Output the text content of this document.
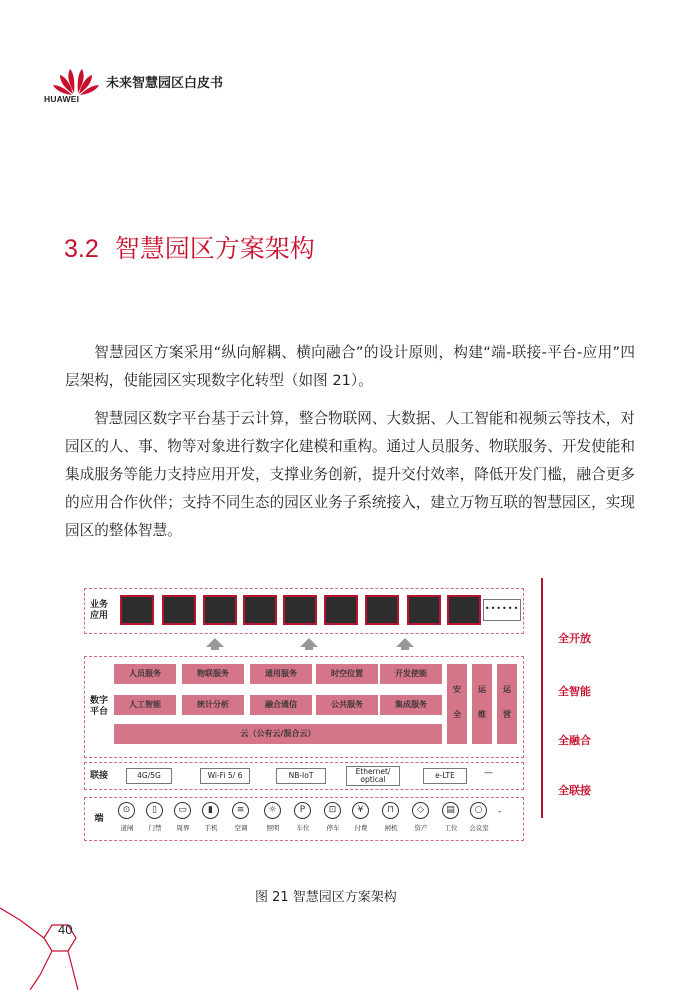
HUAWEI
未来智慧园区白皮书
3.2 智慧园区方案架构

智慧园区方案采用“纵向解耦、横向融合”的设计原则，构建“端-联接-平台-应用”四层架构，使能园区实现数字化转型（如图 21）。

智慧园区数字平台基于云计算，整合物联网、大数据、人工智能和视频云等技术，对园区的人、事、物等对象进行数字化建模和重构。通过人员服务、物联服务、开发使能和集成服务等能力支持应用开发，支撑业务创新，提升交付效率，降低开发门槛，融合更多的应用合作伙伴；支持不同生态的园区业务子系统接入，建立万物互联的智慧园区，实现园区的整体智慧。

业务
应用
••••••
数字
平台
人员服务	物联服务	通用服务	时空位置	开发使能
人工智能	统计分析	融合通信	公共服务	集成服务
云（公有云/混合云）
安
全
运
维
运
营
联接	4G/5G	Wi-Fi 5/ 6	NB-IoT	Ethernet/
optical	e-LTE	—
端
⊙
道闸
▯
门禁
▭
周界
▮
手机
≡
空调
☼
照明
P
车位
⊡
停车
¥
付费
⊓
闸机
◇
资产
▤
工位
○
会议室
-
全开放
全智能
全融合
全联接
图 21 智慧园区方案架构
40
